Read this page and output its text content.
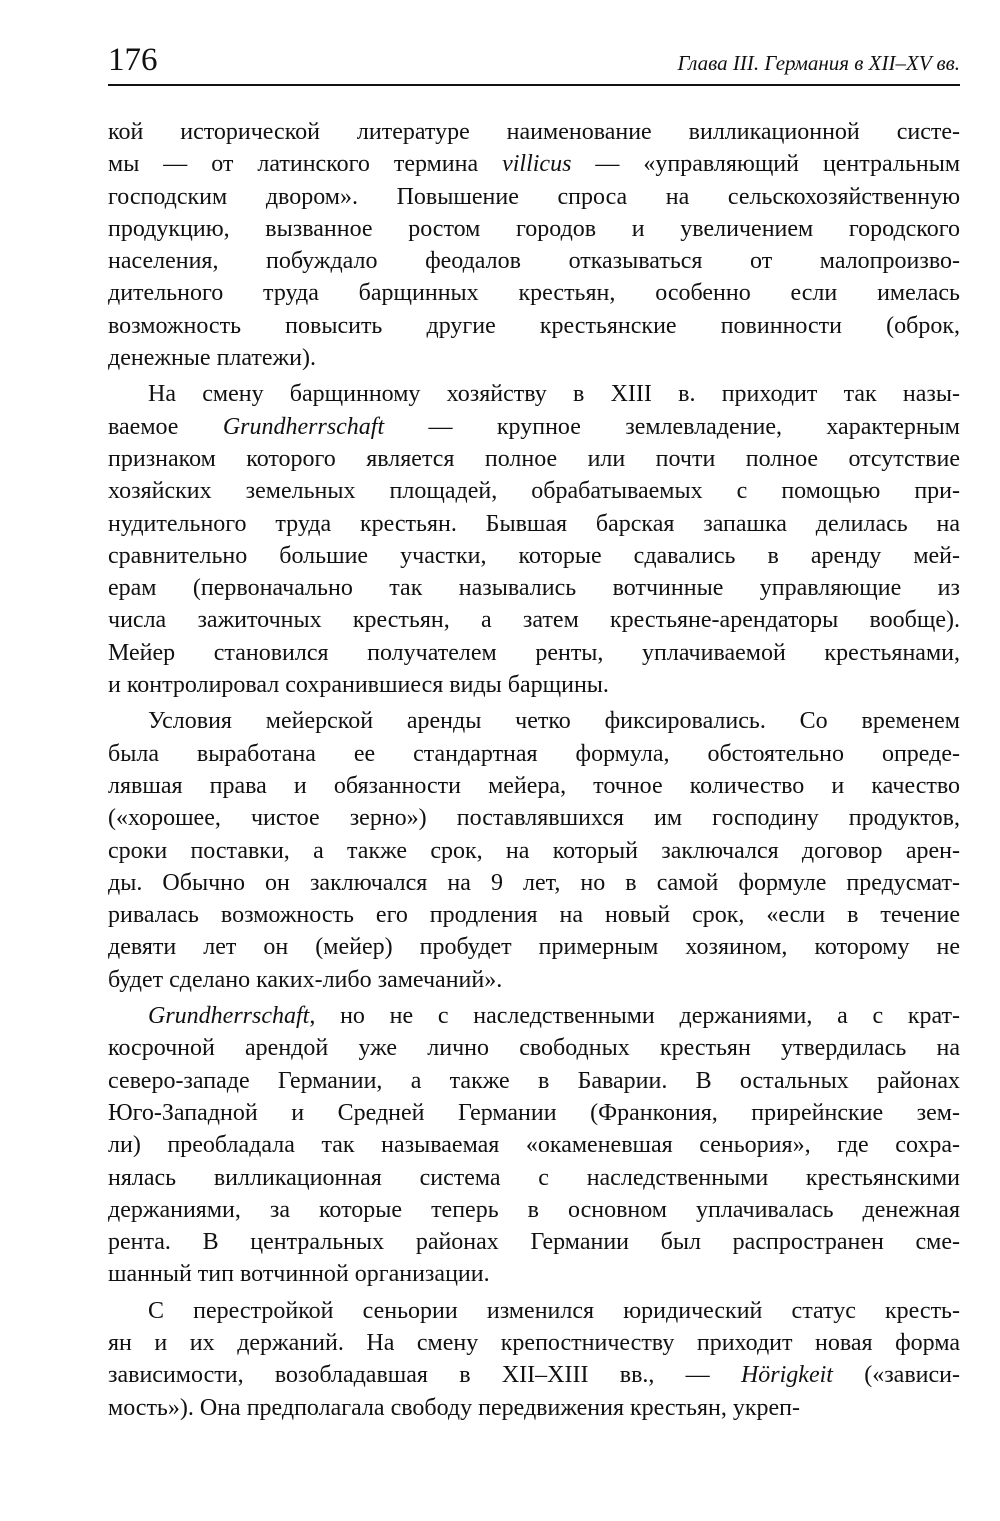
176	Глава III. Германия в XII–XV вв.
кой исторической литературе наименование вилликационной систе-
мы — от латинского термина villicus — «управляющий центральным
господским двором». Повышение спроса на сельскохозяйственную
продукцию, вызванное ростом городов и увеличением городского
населения, побуждало феодалов отказываться от малопроизво-
дительного труда барщинных крестьян, особенно если имелась
возможность повысить другие крестьянские повинности (оброк,
денежные платежи).
На смену барщинному хозяйству в XIII в. приходит так назы-
ваемое Grundherrschaft — крупное землевладение, характерным
признаком которого является полное или почти полное отсутствие
хозяйских земельных площадей, обрабатываемых с помощью при-
нудительного труда крестьян. Бывшая барская запашка делилась на
сравнительно большие участки, которые сдавались в аренду мей-
ерам (первоначально так назывались вотчинные управляющие из
числа зажиточных крестьян, а затем крестьяне-арендаторы вообще).
Мейер становился получателем ренты, уплачиваемой крестьянами,
и контролировал сохранившиеся виды барщины.
Условия мейерской аренды четко фиксировались. Со временем
была выработана ее стандартная формула, обстоятельно опреде-
лявшая права и обязанности мейера, точное количество и качество
(«хорошее, чистое зерно») поставлявшихся им господину продуктов,
сроки поставки, а также срок, на который заключался договор арен-
ды. Обычно он заключался на 9 лет, но в самой формуле предусмат-
ривалась возможность его продления на новый срок, «если в течение
девяти лет он (мейер) пробудет примерным хозяином, которому не
будет сделано каких-либо замечаний».
Grundherrschaft, но не с наследственными держаниями, а с крат-
косрочной арендой уже лично свободных крестьян утвердилась на
северо-западе Германии, а также в Баварии. В остальных районах
Юго-Западной и Средней Германии (Франкония, прирейнские зем-
ли) преобладала так называемая «окаменевшая сеньория», где сохра-
нялась вилликационная система с наследственными крестьянскими
держаниями, за которые теперь в основном уплачивалась денежная
рента. В центральных районах Германии был распространен сме-
шанный тип вотчинной организации.
С перестройкой сеньории изменился юридический статус кресть-
ян и их держаний. На смену крепостничеству приходит новая форма
зависимости, возобладавшая в XII–XIII вв., — Hörigkeit («зависи-
мость»). Она предполагала свободу передвижения крестьян, укреп-
